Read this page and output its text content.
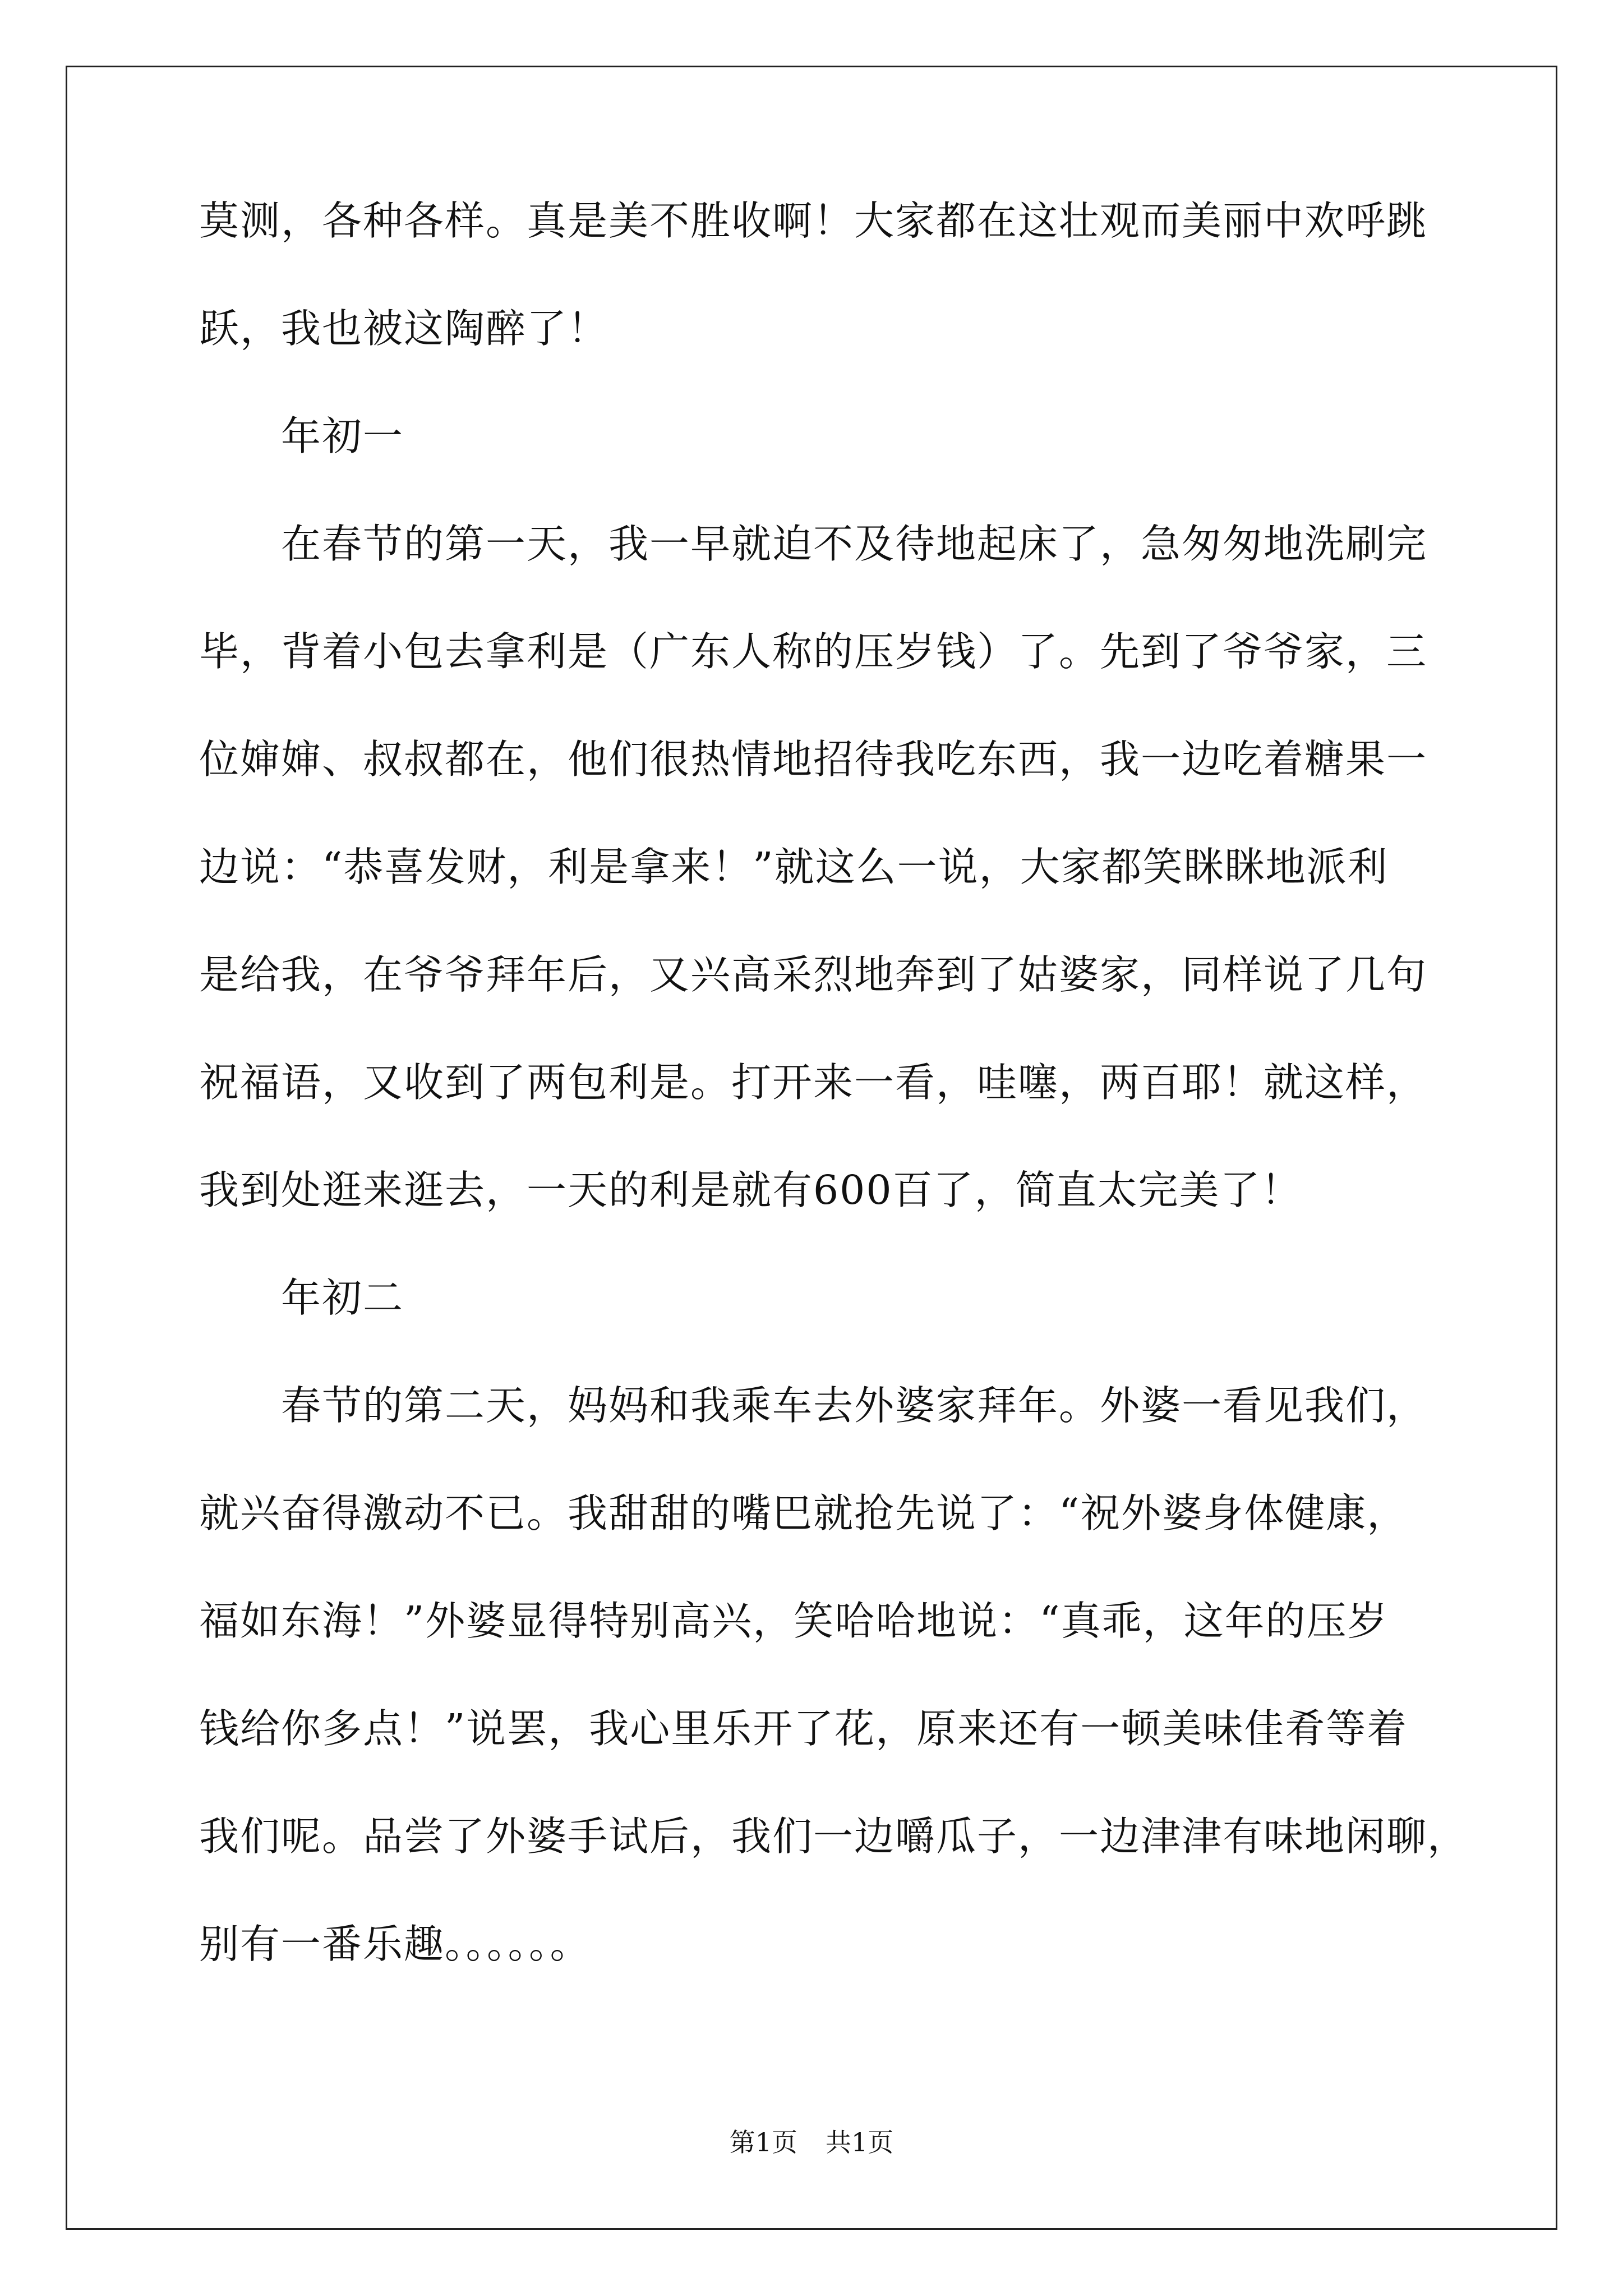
莫测，各种各样。真是美不胜收啊！大家都在这壮观而美丽中欢呼跳

跃，我也被这陶醉了！

　　年初一

　　在春节的第一天，我一早就迫不及待地起床了，急匆匆地洗刷完

毕，背着小包去拿利是（广东人称的压岁钱）了。先到了爷爷家，三

位婶婶、叔叔都在，他们很热情地招待我吃东西，我一边吃着糖果一

边说：“恭喜发财，利是拿来！”就这么一说，大家都笑眯眯地派利

是给我，在爷爷拜年后，又兴高采烈地奔到了姑婆家，同样说了几句

祝福语，又收到了两包利是。打开来一看，哇噻，两百耶！就这样，

我到处逛来逛去，一天的利是就有600百了，简直太完美了！

　　年初二

　　春节的第二天，妈妈和我乘车去外婆家拜年。外婆一看见我们，

就兴奋得激动不已。我甜甜的嘴巴就抢先说了：“祝外婆身体健康，

福如东海！”外婆显得特别高兴，笑哈哈地说：“真乖，这年的压岁

钱给你多点！”说罢，我心里乐开了花，原来还有一顿美味佳肴等着

我们呢。品尝了外婆手试后，我们一边嚼瓜子，一边津津有味地闲聊，

别有一番乐趣。。。。。。

第1页 共1页
